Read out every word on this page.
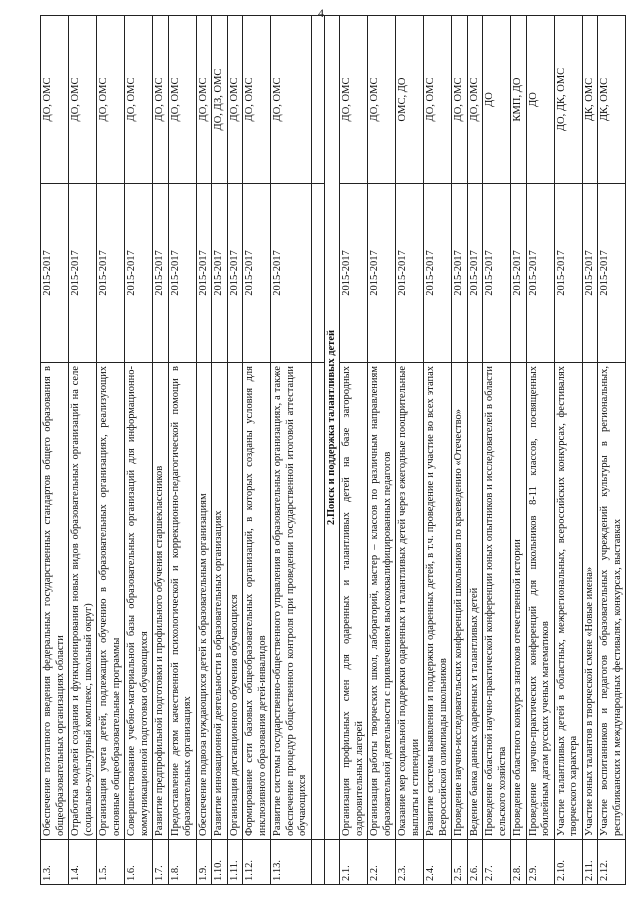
4
1.3.	Обеспечение поэтапного введения федеральных государственных стандартов общего образования в общеобразовательных организациях области	2015-2017	ДО, ОМС
1.4.	Отработка моделей создания и функционирования новых видов образовательных организаций на селе (социально-культурный комплекс, школьный округ)	2015-2017	ДО, ОМС
1.5.	Организация учета детей, подлежащих обучению в образовательных организациях, реализующих основные общеобразовательные программы	2015-2017	ДО, ОМС
1.6.	Совершенствование учебно-материальной базы образовательных организаций для информационно-коммуникационной подготовки обучающихся	2015-2017	ДО, ОМС
1.7.	Развитие предпрофильной подготовки и профильного обучения старшеклассников	2015-2017	ДО, ОМС
1.8.	Предоставление детям качественной психологической и коррекционно-педагогической помощи в образовательных организациях	2015-2017	ДО, ОМС
1.9.	Обеспечение подвоза нуждающихся детей к образовательным организациям	2015-2017	ДО, ОМС
1.10.	Развитие инновационной деятельности в образовательных организациях	2015-2017	ДО, ДЗ, ОМС
1.11.	Организация дистанционного обучения обучающихся	2015-2017	ДО, ОМС
1.12.	Формирование сети базовых общеобразовательных организаций, в которых созданы условия для инклюзивного образования детей-инвалидов	2015-2017	ДО, ОМС
1.13.	Развитие системы государственно-общественного управления в образовательных организациях, а также обеспечение процедур общественного контроля при проведении государственной итоговой аттестации обучающихся	2015-2017	ДО, ОМС

	2.Поиск и поддержка талантливых детей		
2.1.	Организация профильных смен для одаренных и талантливых детей на базе загородных оздоровительных лагерей	2015-2017	ДО, ОМС
2.2.	Организация работы творческих школ, лабораторий, мастер – классов по различным направлениям образовательной деятельности с привлечением высококвалифицированных педагогов	2015-2017	ДО, ОМС
2.3.	Оказание мер социальной поддержки одаренных и талантливых детей через ежегодные поощрительные выплаты и стипендии	2015-2017	ОМС, ДО
2.4.	Развитие системы выявления и поддержки одаренных детей, в т.ч. проведение и участие во всех этапах Всероссийской олимпиады школьников	2015-2017	ДО, ОМС
2.5.	Проведение научно-исследовательских конференций школьников по краеведению «Отечество»	2015-2017	ДО, ОМС
2.6.	Ведение банка данных одаренных и талантливых детей	2015-2017	ДО, ОМС
2.7.	Проведение областной научно-практической конференции юных опытников и исследователей в области сельского хозяйства	2015-2017	ДО
2.8.	Проведение областного конкурса знатоков отечественной истории	2015-2017	КМП, ДО
2.9.	Проведение научно-практических конференций для школьников 8-11 классов, посвященных юбилейным датам русских ученых математиков	2015-2017	ДО
2.10.	Участие талантливых детей в областных, межрегиональных, всероссийских конкурсах, фестивалях творческого характера	2015-2017	ДО, ДК, ОМС
2.11.	Участие юных талантов в творческой смене «Новые имена»	2015-2017	ДК, ОМС
2.12.	Участие воспитанников и педагогов образовательных учреждений культуры в региональных, республиканских и международных фестивалях, конкурсах, выставках	2015-2017	ДК, ОМС
